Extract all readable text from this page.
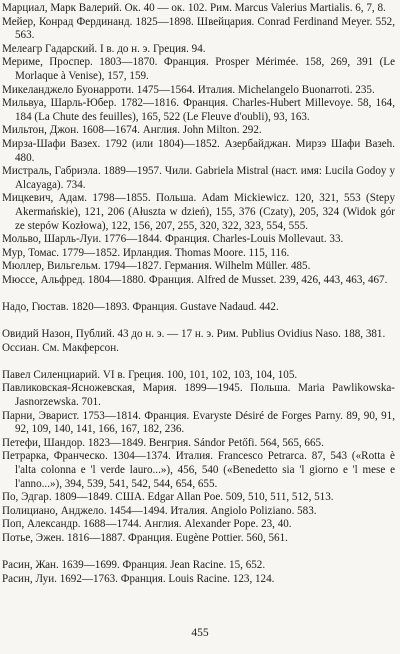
Марциал, Марк Валерий. Ок. 40 — ок. 102. Рим. Marcus Valerius Martialis. 6, 7, 8.
Мейер, Конрад Фердинанд. 1825—1898. Швейцария. Conrad Ferdinand Meyer. 552, 563.
Мелеагр Гадарский. I в. до н. э. Греция. 94.
Мериме, Проспер. 1803—1870. Франция. Prosper Mérimée. 158, 269, 391 (Le Morlaque à Venise), 157, 159.
Микеланджело Буонарроти. 1475—1564. Италия. Michelangelo Buonarroti. 235.
Мильвуа, Шарль-Юбер. 1782—1816. Франция. Charles-Hubert Millevoye. 58, 164, 184 (La Chute des feuilles), 165, 522 (Le Fleuve d'oubli), 93, 163.
Мильтон, Джон. 1608—1674. Англия. John Milton. 292.
Мирза-Шафи Вазех. 1792 (или 1804)—1852. Азербайджан. Мирзэ Шафи Вазеh. 480.
Мистраль, Габриэла. 1889—1957. Чили. Gabriela Mistral (наст. имя: Lucila Godoy y Alcayaga). 734.
Мицкевич, Адам. 1798—1855. Польша. Adam Mickiewicz. 120, 321, 553 (Stepy Akermańskie), 121, 206 (Ałuszta w dzień), 155, 376 (Czaty), 205, 324 (Widok gór ze stepów Kozłowa), 122, 156, 207, 255, 320, 322, 323, 554, 555.
Мольво, Шарль-Луи. 1776—1844. Франция. Charles-Louis Mollevaut. 33.
Мур, Томас. 1779—1852. Ирландия. Thomas Moore. 115, 116.
Мюллер, Вильгельм. 1794—1827. Германия. Wilhelm Müller. 485.
Мюссе, Альфред. 1804—1880. Франция. Alfred de Musset. 239, 426, 443, 463, 467.
Надо, Гюстав. 1820—1893. Франция. Gustave Nadaud. 442.
Овидий Назон, Публий. 43 до н. э. — 17 н. э. Рим. Publius Ovidius Naso. 188, 381.
Оссиан. См. Макферсон.
Павел Силенциарий. VI в. Греция. 100, 101, 102, 103, 104, 105.
Павликовская-Ясножевская, Мария. 1899—1945. Польша. Maria Pawlikowska-Jasnorzewska. 701.
Парни, Эварист. 1753—1814. Франция. Evaryste Désiré de Forges Parny. 89, 90, 91, 92, 109, 140, 141, 166, 167, 182, 236.
Петефи, Шандор. 1823—1849. Венгрия. Sándor Petőfi. 564, 565, 665.
Петрарка, Франческо. 1304—1374. Италия. Francesco Petrarca. 87, 543 («Rotta è l'alta colonna e 'l verde lauro...»), 456, 540 («Benedetto sia 'l giorno e 'l mese e l'anno...»), 394, 539, 541, 542, 544, 654, 655.
По, Эдгар. 1809—1849. США. Edgar Allan Poe. 509, 510, 511, 512, 513.
Полициано, Анджело. 1454—1494. Италия. Angiolo Poliziano. 583.
Поп, Александр. 1688—1744. Англия. Alexander Pope. 23, 40.
Потье, Эжен. 1816—1887. Франция. Eugène Pottier. 560, 561.
Расин, Жан. 1639—1699. Франция. Jean Racine. 15, 652.
Расин, Луи. 1692—1763. Франция. Louis Racine. 123, 124.
455
